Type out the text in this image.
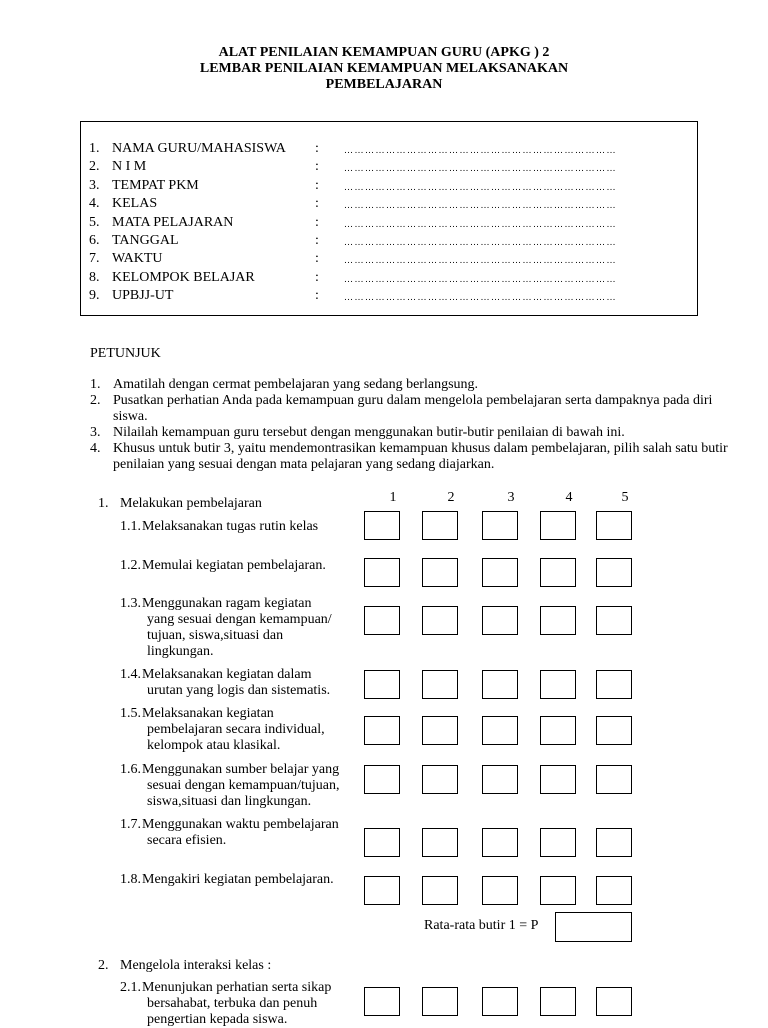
ALAT PENILAIAN KEMAMPUAN GURU (APKG ) 2
LEMBAR PENILAIAN KEMAMPUAN MELAKSANAKAN
PEMBELAJARAN
1. NAMA GURU/MAHASISWA :	……………………………………………………………………
2. N I M	:	……………………………………………………………………
3. TEMPAT PKM	:	……………………………………………………………………
4. KELAS	:	……………………………………………………………………
5. MATA PELAJARAN	:	……………………………………………………………………
6. TANGGAL	:	……………………………………………………………………
7. WAKTU	:	……………………………………………………………………
8. KELOMPOK BELAJAR	:	……………………………………………………………………
9. UPBJJ-UT	:	……………………………………………………………………
PETUNJUK
1. Amatilah dengan cermat pembelajaran yang sedang berlangsung.
2. Pusatkan perhatian Anda pada kemampuan guru dalam mengelola pembelajaran serta dampaknya pada diri
siswa.
3. Nilailah kemampuan guru tersebut dengan menggunakan butir-butir penilaian di bawah ini.
4. Khusus untuk butir 3, yaitu mendemontrasikan kemampuan khusus dalam pembelajaran, pilih salah satu butir
penilaian yang sesuai dengan mata pelajaran yang sedang diajarkan.
1	2	3	4	5
1. Melakukan pembelajaran
1.1.Melaksanakan tugas rutin kelas
1.2.Memulai kegiatan pembelajaran.
1.3.Menggunakan ragam kegiatan
yang sesuai dengan kemampuan/
tujuan, siswa,situasi dan
lingkungan.
1.4.Melaksanakan kegiatan dalam
urutan yang logis dan sistematis.
1.5.Melaksanakan kegiatan
pembelajaran secara individual,
kelompok atau klasikal.
1.6.Menggunakan sumber belajar yang
sesuai dengan kemampuan/tujuan,
siswa,situasi dan lingkungan.
1.7.Menggunakan waktu pembelajaran
secara efisien.
1.8.Mengakiri kegiatan pembelajaran.
Rata-rata butir 1 = P
2. Mengelola interaksi kelas :
2.1.Menunjukan perhatian serta sikap
bersahabat, terbuka dan penuh
pengertian kepada siswa.
